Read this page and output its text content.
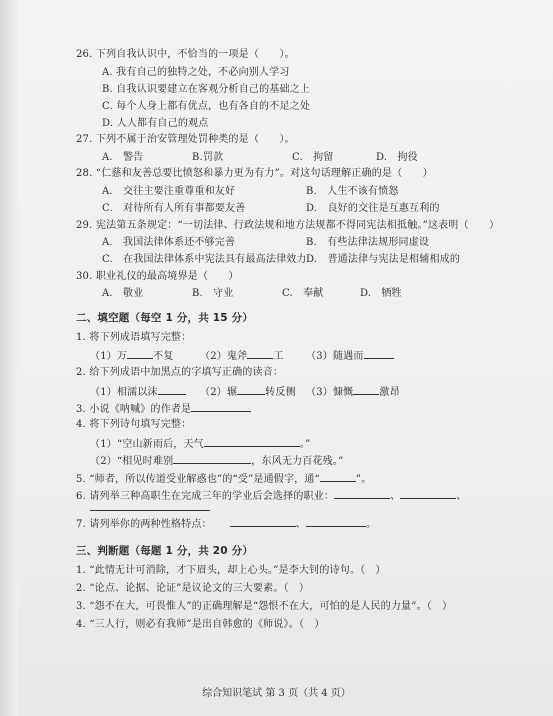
26. 下列自我认识中，不恰当的一项是（　　）。
A. 我有自己的独特之处，不必向别人学习
B. 自我认识要建立在客观分析自己的基础之上
C. 每个人身上都有优点，也有各自的不足之处
D. 人人都有自己的观点
27. 下列不属于治安管理处罚种类的是（　　）。
A.　警告	B.罚款	C.　拘留	D.　拘役
28. “仁慈和友善总要比愤怒和暴力更为有力”。对这句话理解正确的是（　　）
A.　交往主要注重尊重和友好	B.　人生不该有愤怒
C.　对待所有人所有事都要友善	D.　良好的交往是互惠互利的
29. 宪法第五条规定：“一切法律、行政法规和地方法规都不得同宪法相抵触。”这表明（　　）
A.　我国法律体系还不够完善	B.　有些法律法规形同虚设
C.　在我国法律体系中宪法具有最高法律效力 D.　普通法律与宪法是相辅相成的
30. 职业礼仪的最高境界是（　　）
A.　敬业	B.　守业	C.　奉献	D.　牺牲
二、填空题（每空 1 分，共 15 分）
1. 将下列成语填写完整：
（1）万	不复	（2）鬼斧	工 （3）随遇而
2. 给下列成语中加黑点的字填写正确的读音：
（1）相濡以沫	（2）辗	转反侧 （3）慷慨	激昂
3. 小说《呐喊》的作者是
4. 将下列诗句填写完整：
（1）“空山新雨后，天气	。”
（2）“相见时难别	，东风无力百花残。”
5. “师者，所以传道受业解惑也”的“受”是通假字，通“	”。
6. 请列举三种高职生在完成三年的学业后会选择的职业：	、	、
7. 请列举你的两种性格特点：	、	。
三、判断题（每题 1 分，共 20 分）
1. “此情无计可消除，才下眉头，却上心头。”是李大钊的诗句。（　）
2. “论点、论据、论证”是议论文的三大要素。（　）
3. “怨不在大，可畏惟人”的正确理解是“怨恨不在大，可怕的是人民的力量”。（　）
4. “三人行，则必有我师”是出自韩愈的《师说》。（　）
综合知识笔试 第 3 页（共 4 页）
